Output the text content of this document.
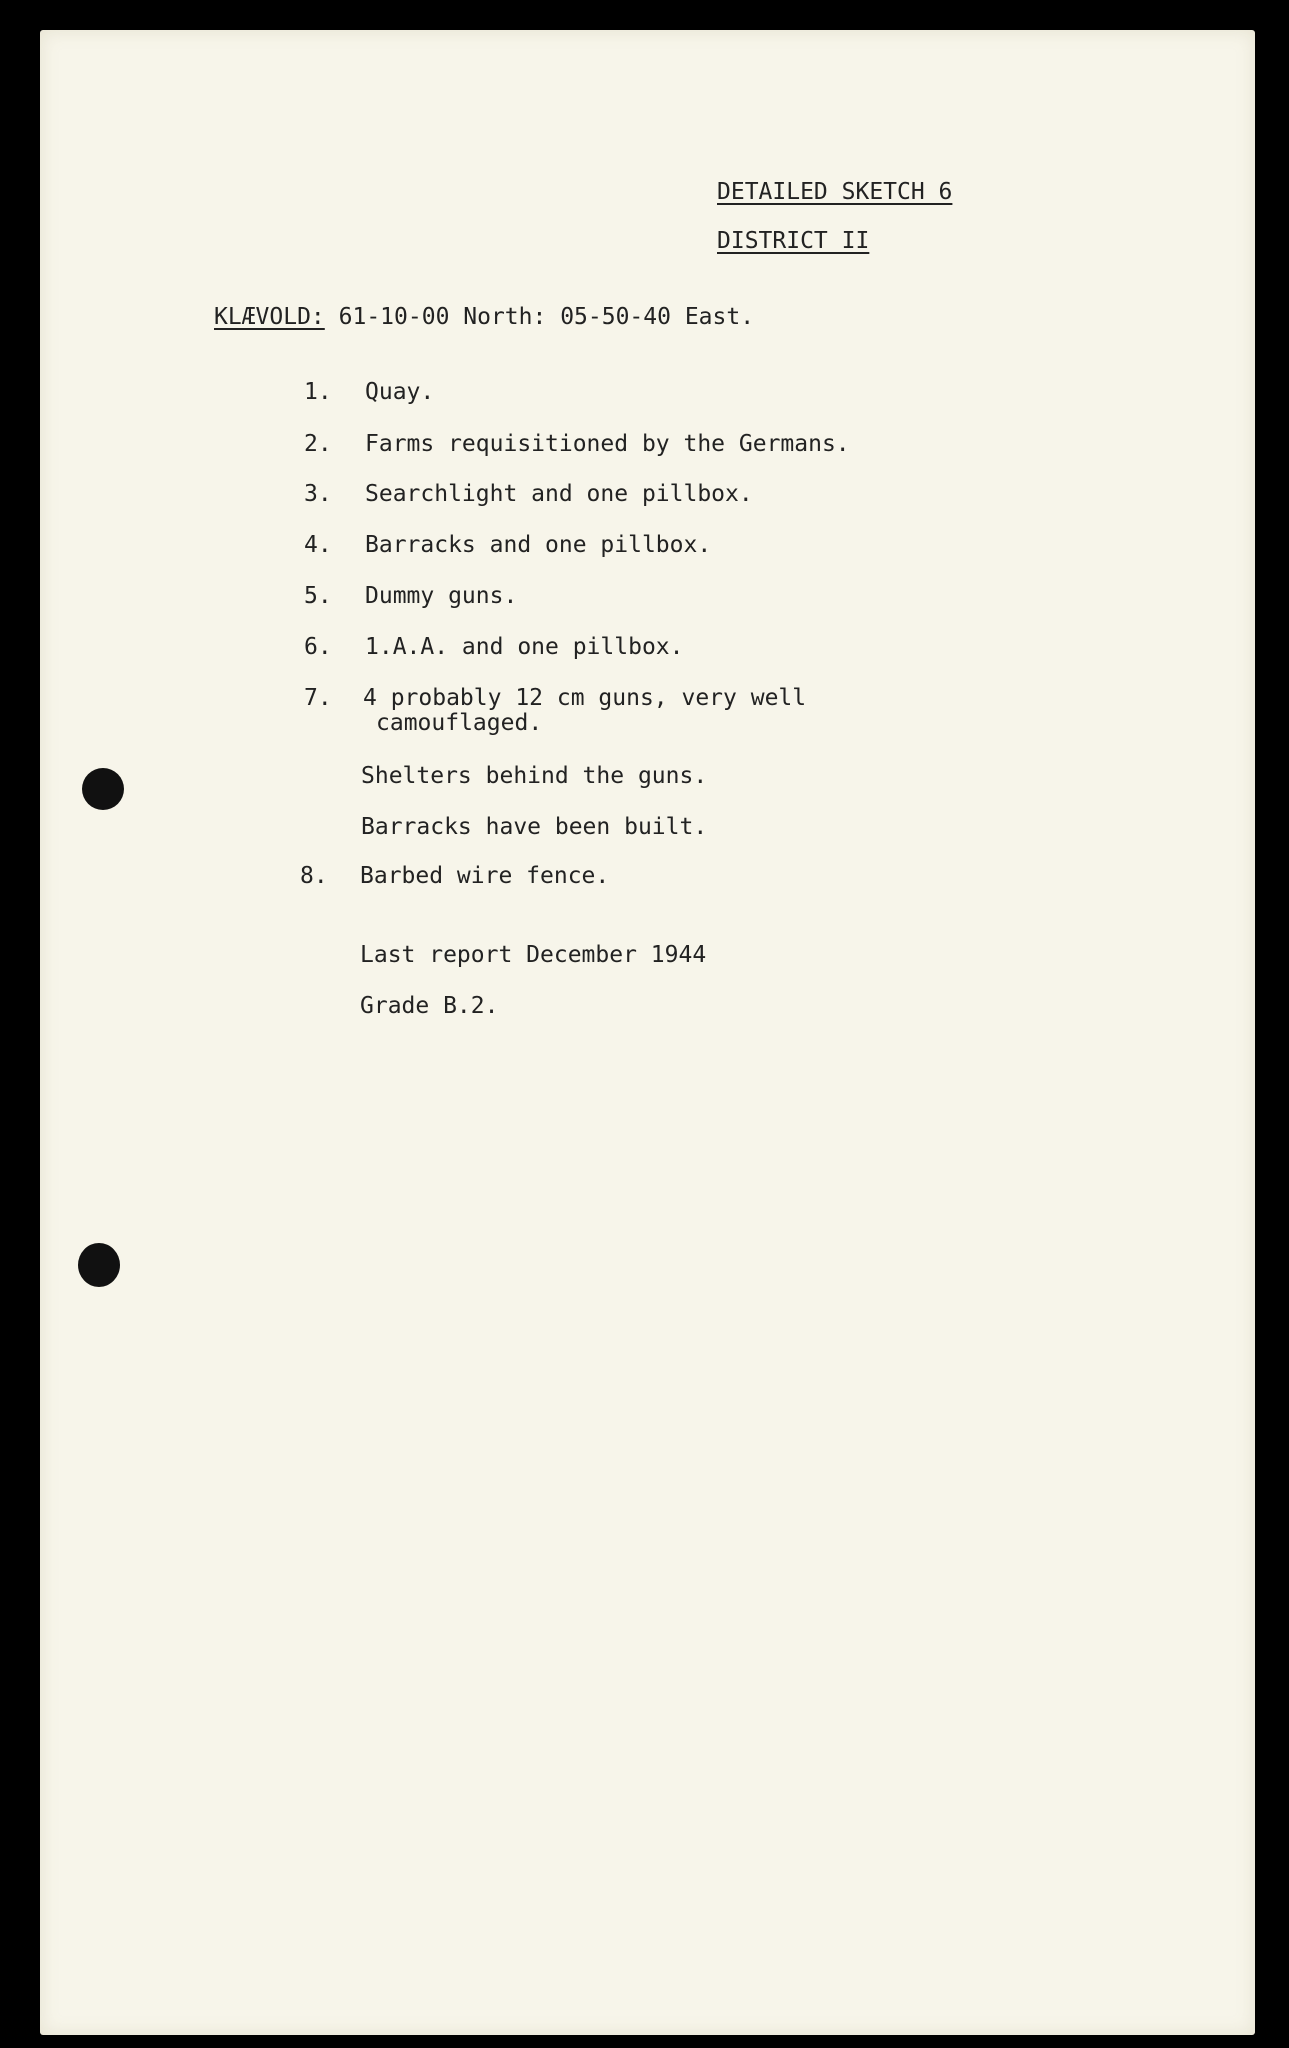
DETAILED SKETCH 6
DISTRICT II
KLÆVOLD: 61-10-00 North: 05-50-40 East.
1. Quay.
2. Farms requisitioned by the Germans.
3. Searchlight and one pillbox.
4. Barracks and one pillbox.
5. Dummy guns.
6. 1.A.A. and one pillbox.
7. 4 probably 12 cm guns, very well
camouflaged.
Shelters behind the guns.
Barracks have been built.
8. Barbed wire fence.
Last report December 1944
Grade B.2.
